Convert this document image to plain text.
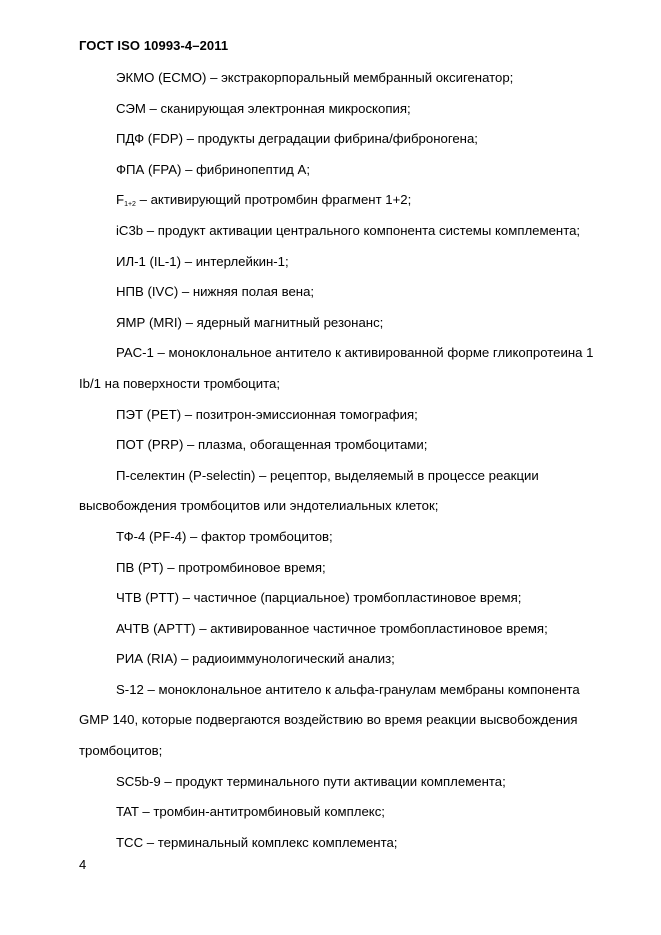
ГОСТ ISO 10993-4–2011
ЭКМО (ECMO) – экстракорпоральный мембранный оксигенатор;
СЭМ – сканирующая электронная микроскопия;
ПДФ (FDP) – продукты деградации фибрина/фиброногена;
ФПА (FPA) – фибринопептид А;
$F_{1+2}$ – активирующий протромбин фрагмент 1+2;
iC3b – продукт активации центрального компонента системы комплемента;
ИЛ-1 (IL-1) – интерлейкин-1;
НПВ (IVC) – нижняя полая вена;
ЯМР (MRI) – ядерный магнитный резонанс;
PAC-1 – моноклональное антитело к активированной форме гликопротеина 1
Ib/1 на поверхности тромбоцита;
ПЭТ (PET) – позитрон-эмиссионная томография;
ПОТ (PRP) – плазма, обогащенная тромбоцитами;
П-селектин (P-selectin) – рецептор, выделяемый в процессе реакции
высвобождения тромбоцитов или эндотелиальных клеток;
ТФ-4 (PF-4) – фактор тромбоцитов;
ПВ (PT) – протромбиновое время;
ЧТВ (PTT) – частичное (парциальное) тромбопластиновое время;
АЧТВ (APTT) – активированное частичное тромбопластиновое время;
РИА (RIA) – радиоиммунологический анализ;
S-12 – моноклональное антитело к альфа-гранулам мембраны компонента
GMP 140, которые подвергаются воздействию во время реакции высвобождения
тромбоцитов;
SC5b-9 – продукт терминального пути активации комплемента;
TAT – тромбин-антитромбиновый комплекс;
TCC – терминальный комплекс комплемента;
4
